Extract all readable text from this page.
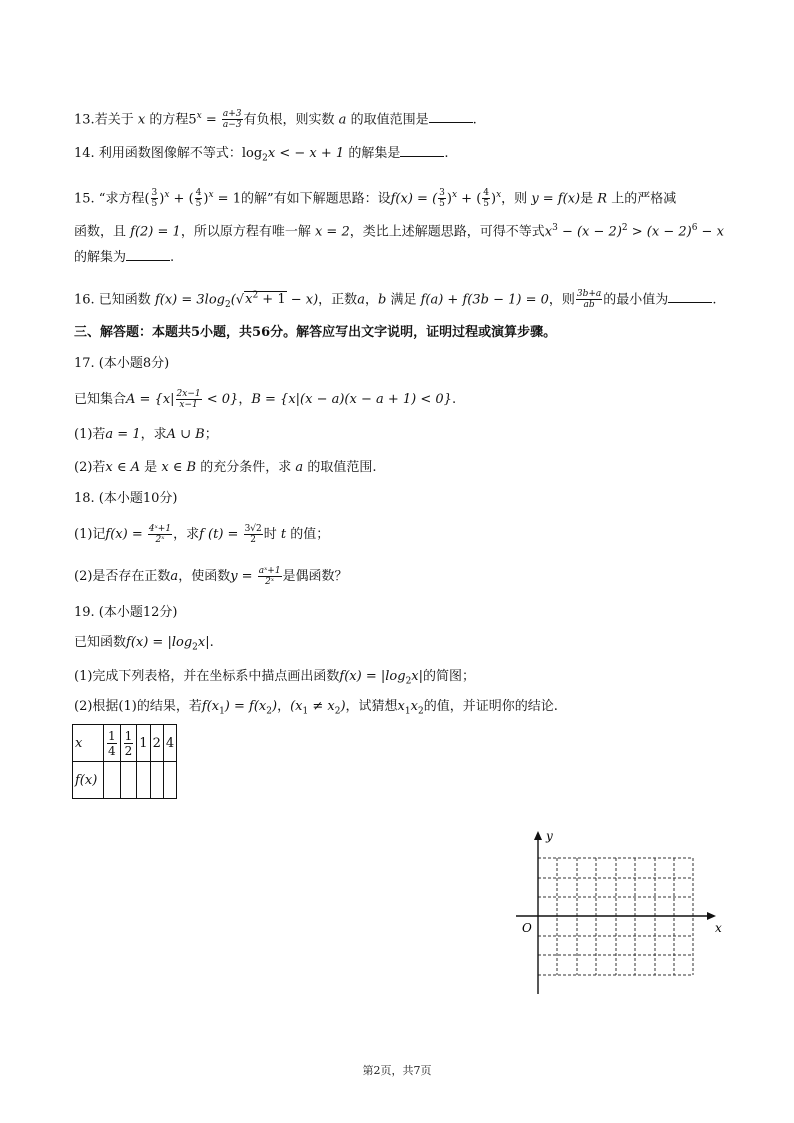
13.若关于 x 的方程$5^x = \frac{a+3}{a-3}$ 有负根，则实数 a 的取值范围是	.
14. 利用函数图像解不等式：$\log_2x$ < − x + 1 的解集是	.
15. “求方程( $\frac{3}{5} )^x$ + ( $\frac{4}{5} )^x = 1$的解”有如下解题思路：设f(x) = ( $\frac{3}{5} )^x$ + ( $\frac{4}{5} )^x$，则 y = f(x)是 R 上的严格减
函数，且 f(2) = 1，所以原方程有唯一解 x = 2，类比上述解题思路，可得不等式$x^3 - (x - 2)^2 > (x - 2)^6 - x$
的解集为	.
16. 已知函数 $f(x) = 3\log_2(√x^2 + 1 - x)$，正数a，b 满足 f(a) + f(3b − 1) = 0，则 $\frac{3b+a}{ab}$ 的最小值为	.
三、解答题：本题共5小题，共56分。解答应写出文字说明，证明过程或演算步骤。
17. (本小题8分)
已知集合$A = \{x| \frac{2x-1}{x-1} < 0\}$，B = {x|(x − a)(x − a + 1) < 0}.
(1)若a = 1，求A ∪ B；
(2)若x ∈ A 是 x ∈ B 的充分条件，求 a 的取值范围.
18. (本小题10分)
(1)记$f(x) = \frac{\text{4ˣ+1}}{\text{2ˣ}}$ ，求f $(t) = \frac{3√2}{2}$ 时 t 的值；
(2)是否存在正数a，使函数$y = \frac{\text{aˣ+1}}{\text{2ˣ}}$ 是偶函数？
19. (本小题12分)
已知函数$f(x) = |\log_2x|$.
(1)完成下列表格，并在坐标系中描点画出函数$f(x) = |\log_2x|$的简图；
(2)根据(1)的结果，若$f(x_1) = f(x_2)$，$(x_1 \ne x_2)$，试猜想$x_1x_2$的值，并证明你的结论.
x	$\frac{1}{4}$	$\frac{1}{2}$	1	2	4
f(x)					
y
x
O
第2页，共7页
